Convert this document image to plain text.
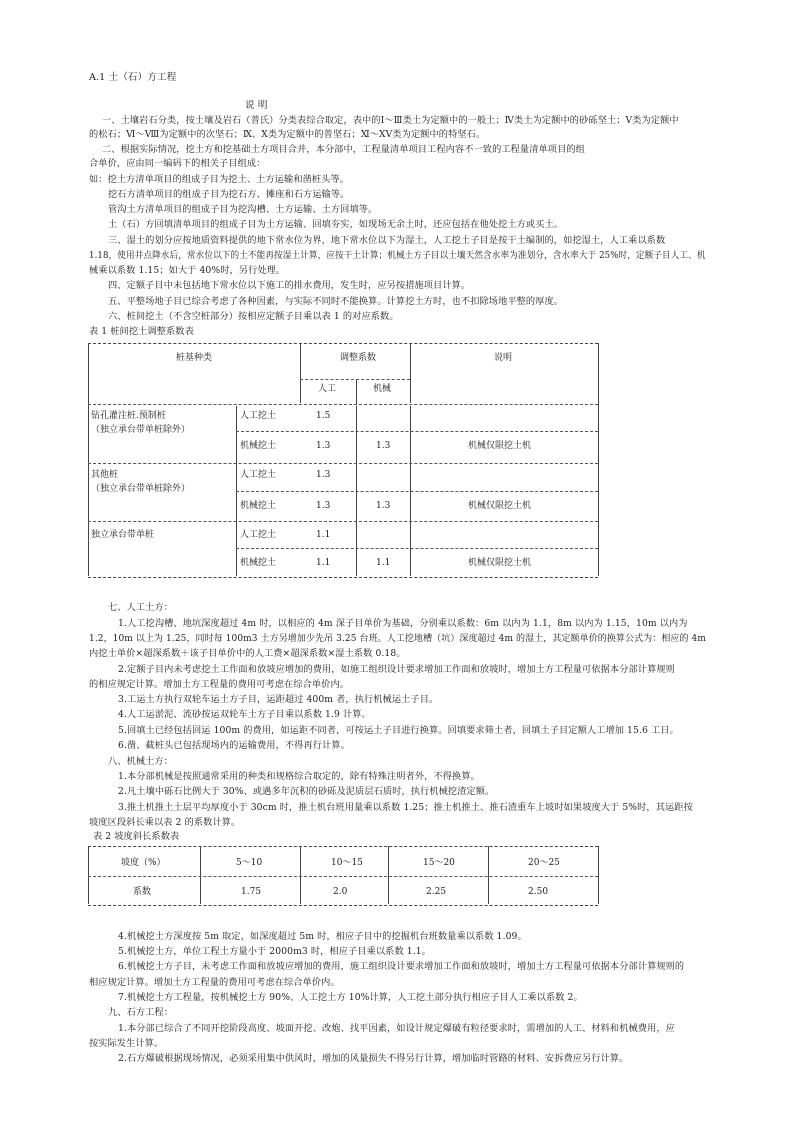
A.1 土（石）方工程
说 明
一、土壤岩石分类，按土壤及岩石（普氏）分类表综合取定，表中的Ⅰ～Ⅲ类土为定额中的一般土；Ⅳ类土为定额中的砂砾坚土；Ⅴ类为定额中
的松石；Ⅵ～Ⅷ为定额中的次坚石；Ⅸ、Ⅹ类为定额中的普坚石；Ⅺ～ⅩⅤ类为定额中的特坚石。
二、根据实际情况，挖土方和挖基础土方项目合并，本分部中，工程量清单项目工程内容不一致的工程量清单项目的组
合单价，应由同一编码下的相关子目组成：
如：挖土方清单项目的组成子目为挖土、土方运输和凿桩头等。
挖石方清单项目的组成子目为挖石方、摊座和石方运输等。
管沟土方清单项目的组成子目为挖沟槽、土方运输、土方回填等。
土（石）方回填清单项目的组成子目为土方运输、回填夯实，如现场无余土时，还应包括在他处挖土方或买土。
三、湿土的划分应按地质资料提供的地下常水位为界，地下常水位以下为湿土，人工挖土子目是按干土编制的，如挖湿土，人工乘以系数
1.18，使用井点降水后，常水位以下的土不能再按湿土计算，应按干土计算；机械土方子目以土壤天然含水率为准划分，含水率大于 25%时，定额子目人工、机
械乘以系数 1.15；如大于 40%时，另行处理。
四、定额子目中未包括地下常水位以下施工的排水费用，发生时，应另按措施项目计算。
五、平整场地子目已综合考虑了各种因素，与实际不同时不能换算。计算挖土方时，也不扣除场地平整的厚度。
六、桩间挖土（不含空桩部分）按相应定额子目乘以表 1 的对应系数。
表 1 桩间挖土调整系数表
桩基种类	调整系数
人工	机械
说明
钻孔灌注桩.预制桩
（独立承台带单桩除外）
人工挖土	1.5
机械挖土	1.3	1.3	机械仅限挖土机
其他桩
（独立承台带单桩除外）
人工挖土	1.3
机械挖土	1.3	1.3	机械仅限挖土机
独立承台带单桩	人工挖土	1.1
机械挖土	1.1	1.1	机械仅限挖土机
七、人工土方：
1.人工挖沟槽、地坑深度超过 4m 时，以相应的 4m 深子目单价为基础，分别乘以系数：6m 以内为 1.1，8m 以内为 1.15，10m 以内为
1.2，10m 以上为 1.25，同时每 100m3 土方另增加少先吊 3.25 台班。人工挖地槽（坑）深度超过 4m 的湿土，其定额单价的换算公式为：相应的 4m
内挖土单价×超深系数＋该子目单价中的人工费×超深系数×湿土系数 0.18。
2.定额子目内未考虑挖土工作面和放坡应增加的费用，如施工组织设计要求增加工作面和放坡时，增加土方工程量可依据本分部计算规则
的相应规定计算。增加土方工程量的费用可考虑在综合单价内。
3.工运土方执行双轮车运土方子目，运距超过 400m 者，执行机械运土子目。
4.人工运淤泥、流砂按运双轮车土方子目乘以系数 1.9 计算。
5.回填土已经包括回运 100m 的费用，如运距不同者，可按运土子目进行换算。回填要求筛土者，回填土子目定额人工增加 15.6 工日。
6.凿、截桩头已包括现场内的运输费用，不得再行计算。
八、机械土方：
1.本分部机械是按照通常采用的种类和规格综合取定的，除有特殊注明者外，不得换算。
2.凡土壤中砾石比例大于 30%、或遇多年沉积的砂砾及泥质层石质时，执行机械挖渣定额。
3.推土机推土土层平均厚度小于 30cm 时，推土机台班用量乘以系数 1.25；推土机推土、推石渣重车上坡时如果坡度大于 5%时，其运距按
坡度区段斜长乘以表 2 的系数计算。
表 2 坡度斜长系数表
坡度（%）	5～10	10～15	15～20	20～25
系数	1.75	2.0	2.25	2.50
4.机械挖土方深度按 5m 取定，如深度超过 5m 时，相应子目中的挖掘机台班数量乘以系数 1.09。
5.机械挖土方，单位工程土方量小于 2000m3 时，相应子目乘以系数 1.1。
6.机械挖土方子目，未考虑工作面和放坡应增加的费用，施工组织设计要求增加工作面和放坡时，增加土方工程量可依据本分部计算规则的
相应规定计算。增加土方工程量的费用可考虑在综合单价内。
7.机械挖土方工程量，按机械挖土方 90%、人工挖土方 10%计算，人工挖土部分执行相应子目人工乘以系数 2。
九、石方工程：
1.本分部已综合了不同开挖阶段高度、坡面开挖、改炮、找平因素，如设计规定爆破有粒径要求时，需增加的人工、材料和机械费用，应
按实际发生计算。
2.石方爆破根据现场情况，必须采用集中供风时，增加的风量损失不得另行计算，增加临时管路的材料、安拆费应另行计算。
